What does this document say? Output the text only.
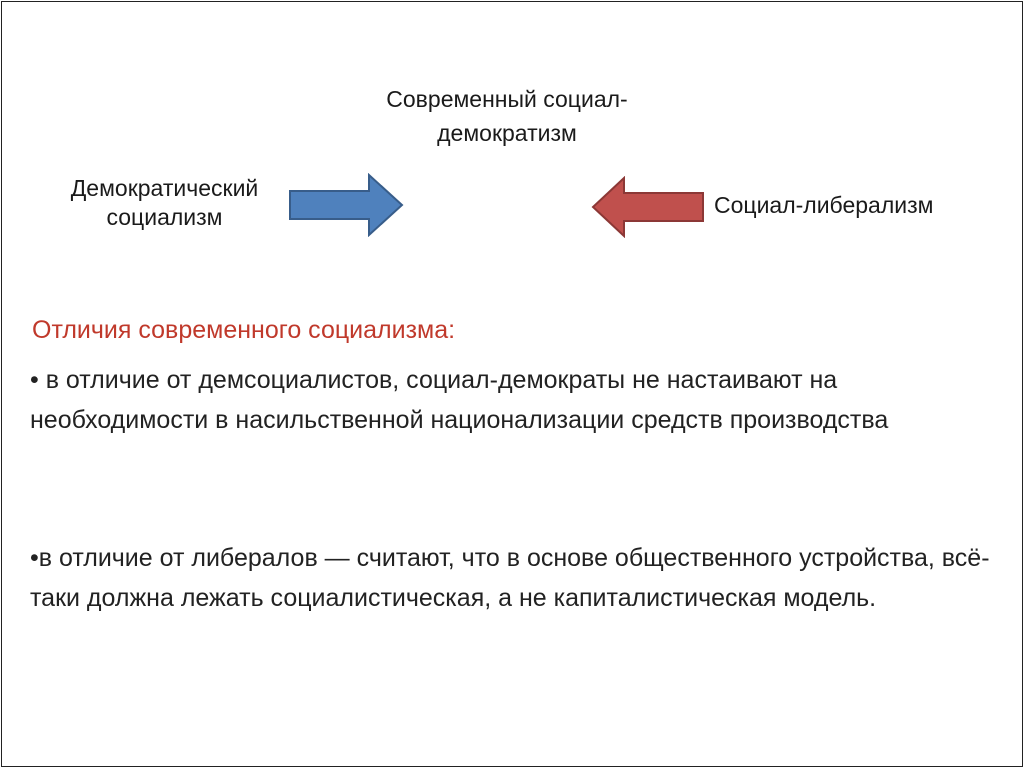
Современный социал-
демократизм
Демократический
социализм	Социал-либерализм
Отличия современного социализма:
• в отличие от демсоциалистов, социал-демократы не настаивают на необходимости в насильственной национализации средств производства
•в отличие от либералов — считают, что в основе общественного устройства, всё-таки должна лежать социалистическая, а не капиталистическая модель.
